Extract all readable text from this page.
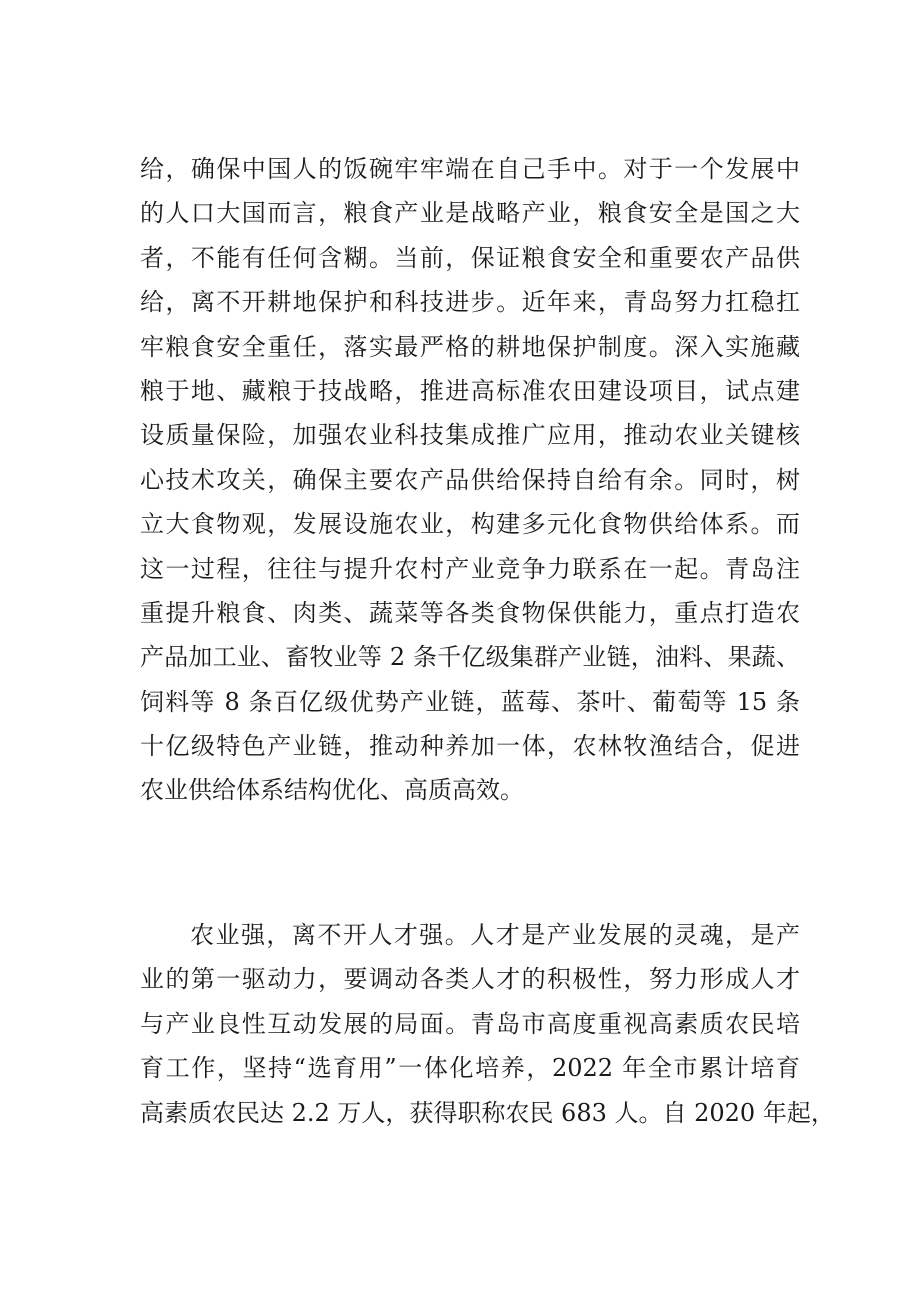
给，确保中国人的饭碗牢牢端在自己手中。对于一个发展中
的人口大国而言，粮食产业是战略产业，粮食安全是国之大
者，不能有任何含糊。当前，保证粮食安全和重要农产品供
给，离不开耕地保护和科技进步。近年来，青岛努力扛稳扛
牢粮食安全重任，落实最严格的耕地保护制度。深入实施藏
粮于地、藏粮于技战略，推进高标准农田建设项目，试点建
设质量保险，加强农业科技集成推广应用，推动农业关键核
心技术攻关，确保主要农产品供给保持自给有余。同时，树
立大食物观，发展设施农业，构建多元化食物供给体系。而
这一过程，往往与提升农村产业竞争力联系在一起。青岛注
重提升粮食、肉类、蔬菜等各类食物保供能力，重点打造农
产品加工业、畜牧业等 2 条千亿级集群产业链，油料、果蔬、
饲料等 8 条百亿级优势产业链，蓝莓、茶叶、葡萄等 15 条
十亿级特色产业链，推动种养加一体，农林牧渔结合，促进
农业供给体系结构优化、高质高效。
农业强，离不开人才强。人才是产业发展的灵魂，是产
业的第一驱动力，要调动各类人才的积极性，努力形成人才
与产业良性互动发展的局面。青岛市高度重视高素质农民培
育工作，坚持“选育用”一体化培养，2022 年全市累计培育
高素质农民达 2.2 万人，获得职称农民 683 人。自 2020 年起，
